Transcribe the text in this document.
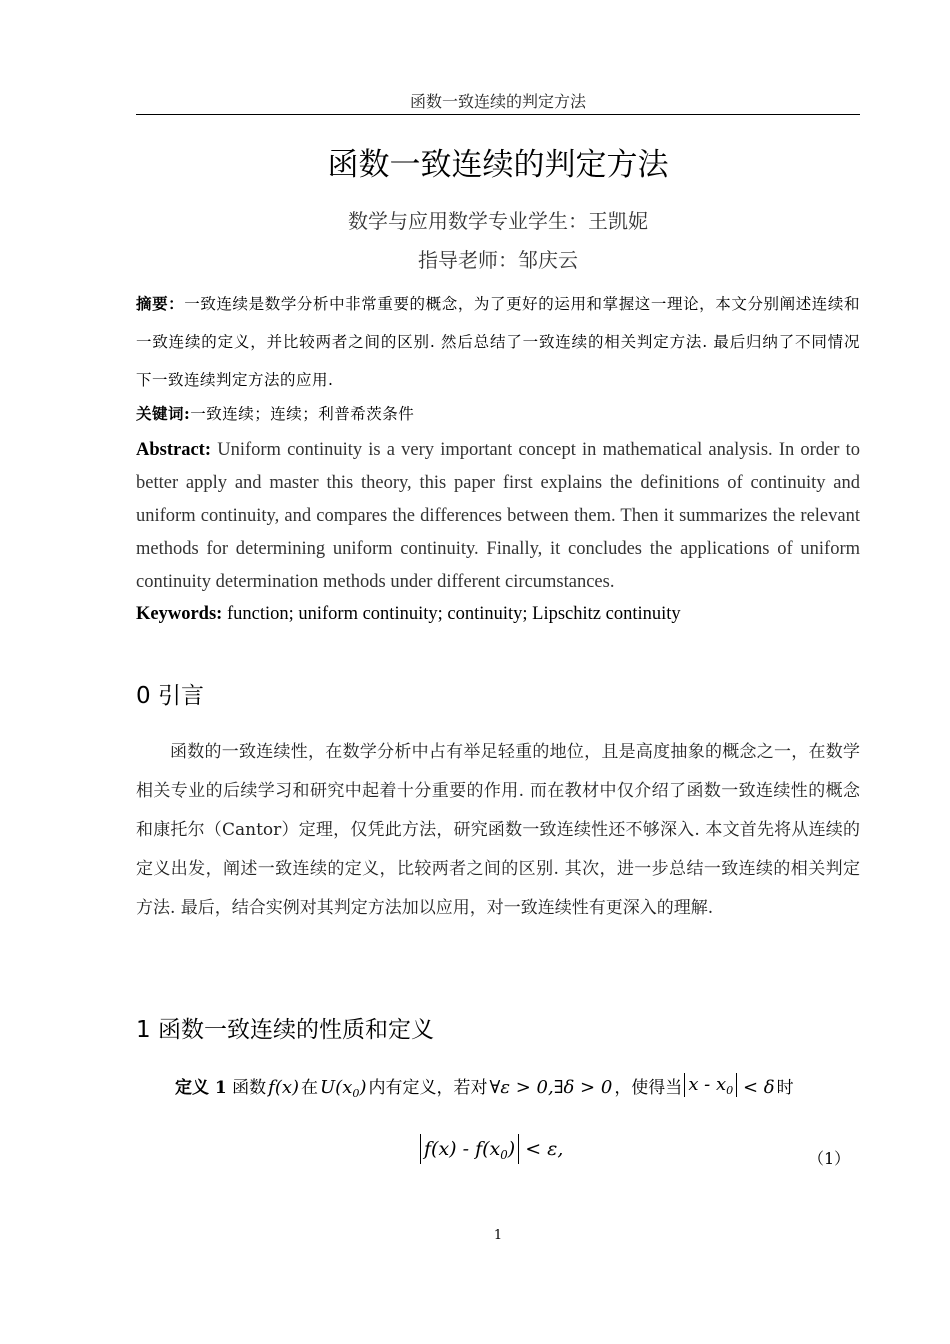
函数一致连续的判定方法
函数一致连续的判定方法
数学与应用数学专业学生：王凯妮
指导老师：邹庆云
摘要：一致连续是数学分析中非常重要的概念，为了更好的运用和掌握这一理论，本文分别阐述连续和一致连续的定义，并比较两者之间的区别. 然后总结了一致连续的相关判定方法. 最后归纳了不同情况下一致连续判定方法的应用.
关键词:一致连续；连续；利普希茨条件
Abstract: Uniform continuity is a very important concept in mathematical analysis. In order to better apply and master this theory, this paper first explains the definitions of continuity and uniform continuity, and compares the differences between them. Then it summarizes the relevant methods for determining uniform continuity. Finally, it concludes the applications of uniform continuity determination methods under different circumstances.
Keywords: function; uniform continuity; continuity; Lipschitz continuity
0 引言

函数的一致连续性，在数学分析中占有举足轻重的地位，且是高度抽象的概念之一，在数学相关专业的后续学习和研究中起着十分重要的作用. 而在教材中仅介绍了函数一致连续性的概念和康托尔（Cantor）定理，仅凭此方法，研究函数一致连续性还不够深入. 本文首先将从连续的定义出发，阐述一致连续的定义，比较两者之间的区别. 其次，进一步总结一致连续的相关判定方法. 最后，结合实例对其判定方法加以应用，对一致连续性有更深入的理解.

1 函数一致连续的性质和定义
定义 1 函数 f(x) 在 $U(x_0)$ 内有定义，若对 ∀ε > 0,∃δ > 0 ，使得当 $x - x_0 < \delta$ 时
$f(x) - f(x_0) < \varepsilon$,	（1）
1
